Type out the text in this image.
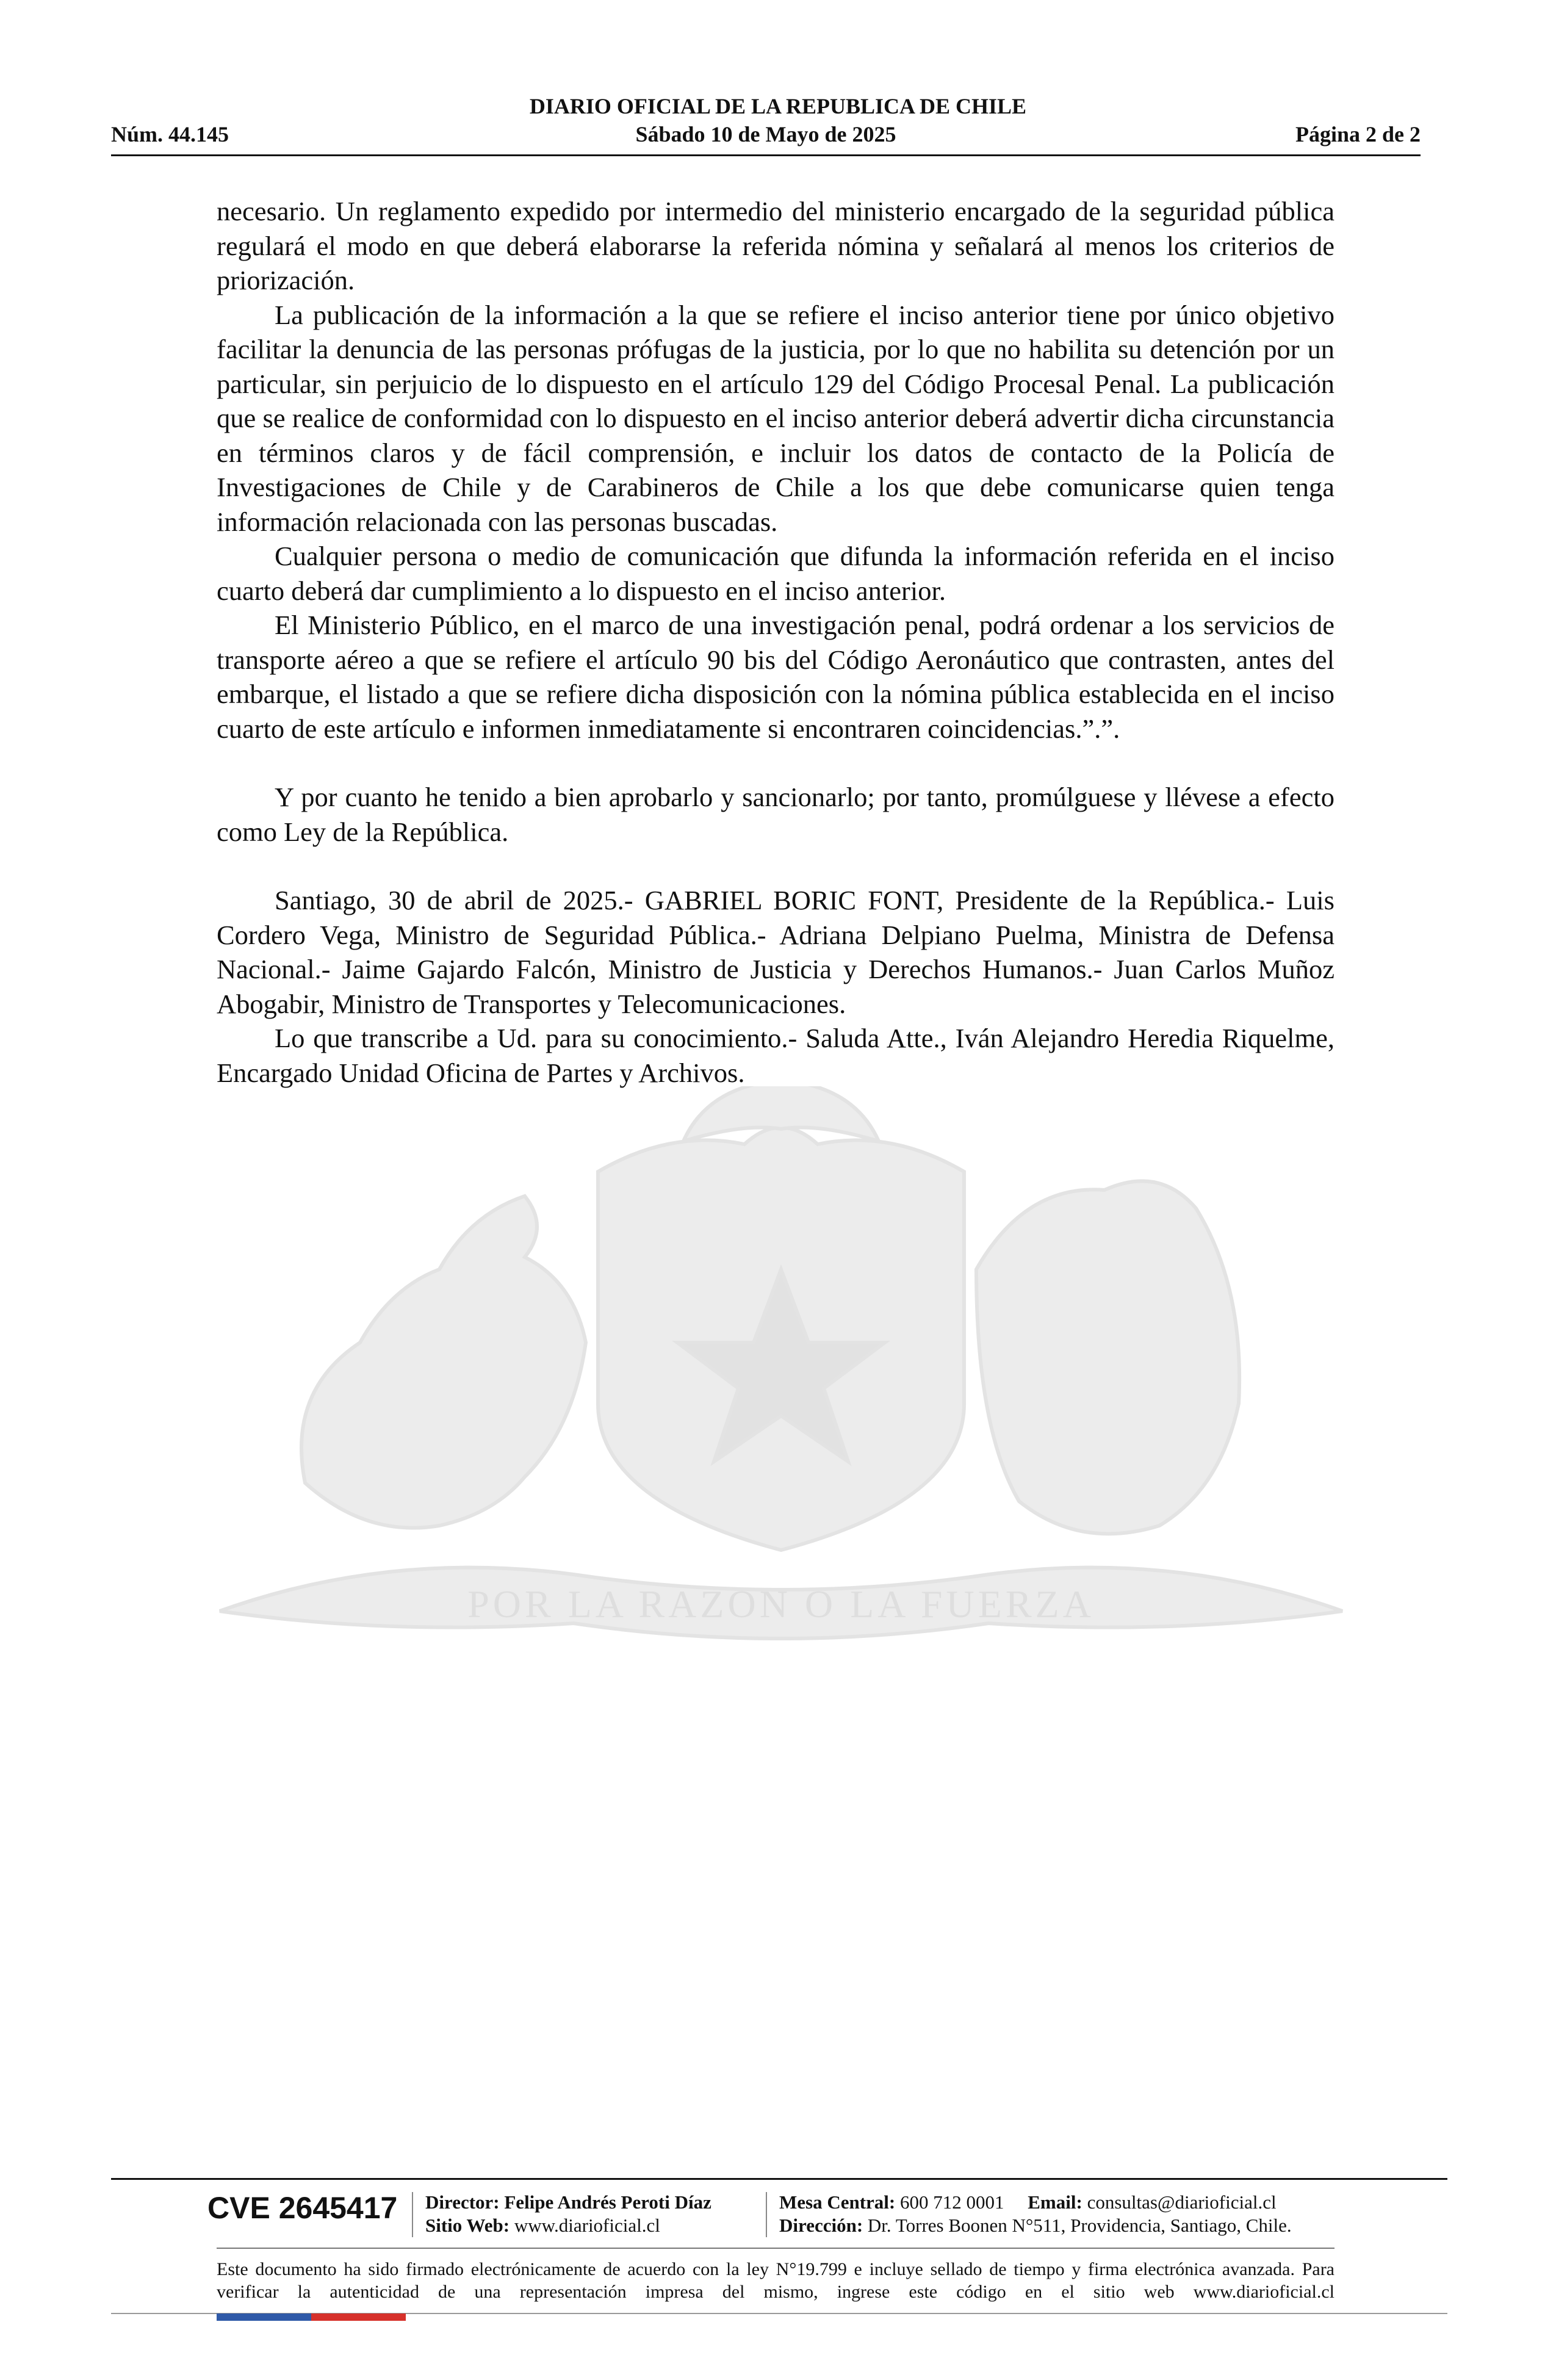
DIARIO OFICIAL DE LA REPUBLICA DE CHILE
Núm. 44.145	Sábado 10 de Mayo de 2025	Página 2 de 2
POR LA RAZON O LA FUERZA

necesario. Un reglamento expedido por intermedio del ministerio encargado de la seguridad pública regulará el modo en que deberá elaborarse la referida nómina y señalará al menos los criterios de priorización.

La publicación de la información a la que se refiere el inciso anterior tiene por único objetivo facilitar la denuncia de las personas prófugas de la justicia, por lo que no habilita su detención por un particular, sin perjuicio de lo dispuesto en el artículo 129 del Código Procesal Penal. La publicación que se realice de conformidad con lo dispuesto en el inciso anterior deberá advertir dicha circunstancia en términos claros y de fácil comprensión, e incluir los datos de contacto de la Policía de Investigaciones de Chile y de Carabineros de Chile a los que debe comunicarse quien tenga información relacionada con las personas buscadas.

Cualquier persona o medio de comunicación que difunda la información referida en el inciso cuarto deberá dar cumplimiento a lo dispuesto en el inciso anterior.

El Ministerio Público, en el marco de una investigación penal, podrá ordenar a los servicios de transporte aéreo a que se refiere el artículo 90 bis del Código Aeronáutico que contrasten, antes del embarque, el listado a que se refiere dicha disposición con la nómina pública establecida en el inciso cuarto de este artículo e informen inmediatamente si encontraren coincidencias.”.”.

Y por cuanto he tenido a bien aprobarlo y sancionarlo; por tanto, promúlguese y llévese a efecto como Ley de la República.

Santiago, 30 de abril de 2025.- GABRIEL BORIC FONT, Presidente de la República.- Luis Cordero Vega, Ministro de Seguridad Pública.- Adriana Delpiano Puelma, Ministra de Defensa Nacional.- Jaime Gajardo Falcón, Ministro de Justicia y Derechos Humanos.- Juan Carlos Muñoz Abogabir, Ministro de Transportes y Telecomunicaciones.

Lo que transcribe a Ud. para su conocimiento.- Saluda Atte., Iván Alejandro Heredia Riquelme, Encargado Unidad Oficina de Partes y Archivos.

CVE 2645417 Director: Felipe Andrés Peroti Díaz
Sitio Web: www.diarioficial.cl
Mesa Central: 600 712 0001 Email: consultas@diarioficial.cl
Dirección: Dr. Torres Boonen N°511, Providencia, Santiago, Chile.
Este documento ha sido firmado electrónicamente de acuerdo con la ley N°19.799 e incluye sellado de tiempo y firma electrónica avanzada. Para verificar la autenticidad de una representación impresa del mismo, ingrese este código en el sitio web www.diarioficial.cl
